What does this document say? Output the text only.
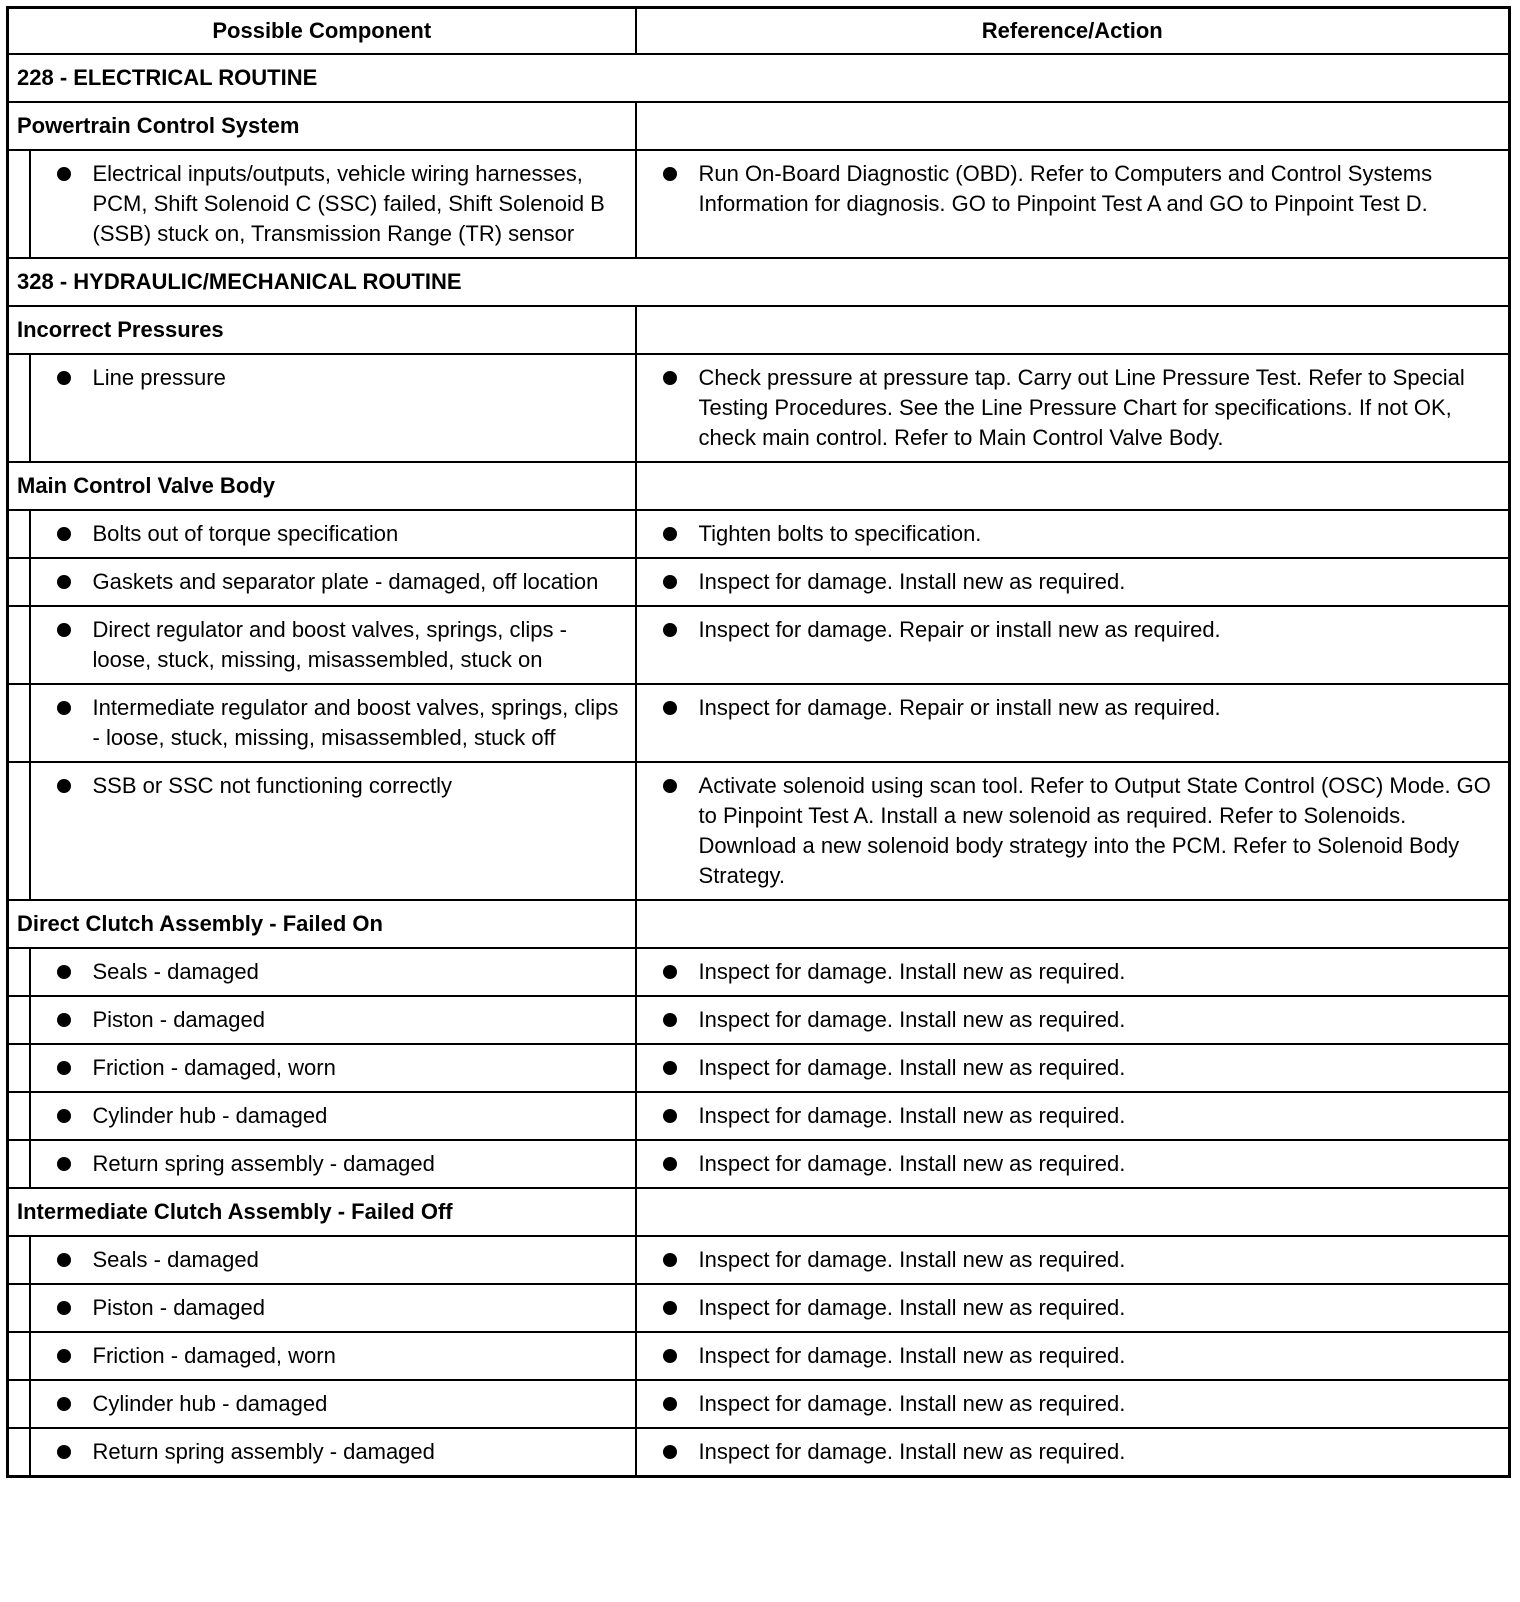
Possible Component		Reference/Action
228 - ELECTRICAL ROUTINE		
Powertrain Control System		

	Electrical inputs/outputs, vehicle wiring harnesses, PCM, Shift Solenoid C (SSC) failed, Shift Solenoid B (SSB) stuck on, Transmission Range (TR) sensor	Run On-Board Diagnostic (OBD). Refer to Computers and Control Systems Information for diagnosis. GO to Pinpoint Test A and GO to Pinpoint Test D.

328 - HYDRAULIC/MECHANICAL ROUTINE		
Incorrect Pressures		

	Line pressure	Check pressure at pressure tap. Carry out Line Pressure Test. Refer to Special Testing Procedures. See the Line Pressure Chart for specifications. If not OK, check main control. Refer to Main Control Valve Body.

Main Control Valve Body		

	Bolts out of torque specification	Tighten bolts to specification.

	Gaskets and separator plate - damaged, off location	Inspect for damage. Install new as required.

	Direct regulator and boost valves, springs, clips - loose, stuck, missing, misassembled, stuck on	Inspect for damage. Repair or install new as required.

	Intermediate regulator and boost valves, springs, clips - loose, stuck, missing, misassembled, stuck off	Inspect for damage. Repair or install new as required.

	SSB or SSC not functioning correctly	Activate solenoid using scan tool. Refer to Output State Control (OSC) Mode. GO to Pinpoint Test A. Install a new solenoid as required. Refer to Solenoids. Download a new solenoid body strategy into the PCM. Refer to Solenoid Body Strategy.

Direct Clutch Assembly - Failed On		

	Seals - damaged	Inspect for damage. Install new as required.

	Piston - damaged	Inspect for damage. Install new as required.

	Friction - damaged, worn	Inspect for damage. Install new as required.

	Cylinder hub - damaged	Inspect for damage. Install new as required.

	Return spring assembly - damaged	Inspect for damage. Install new as required.

Intermediate Clutch Assembly - Failed Off		

	Seals - damaged	Inspect for damage. Install new as required.

	Piston - damaged	Inspect for damage. Install new as required.

	Friction - damaged, worn	Inspect for damage. Install new as required.

	Cylinder hub - damaged	Inspect for damage. Install new as required.

	Return spring assembly - damaged	Inspect for damage. Install new as required.
